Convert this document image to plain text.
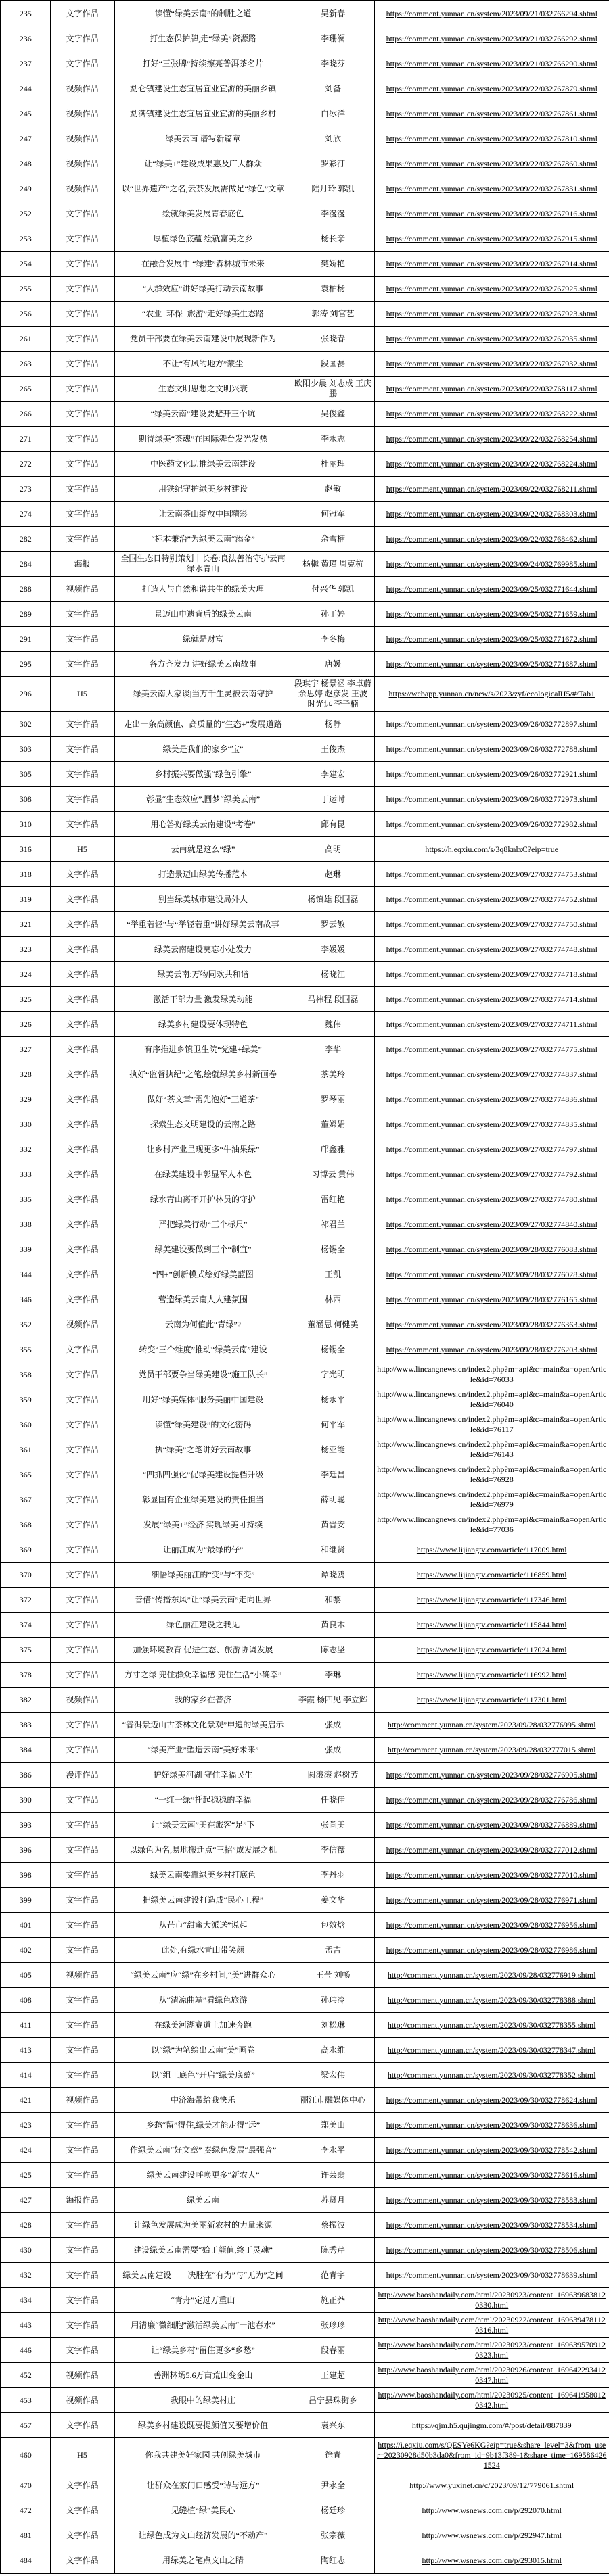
235	文字作品	读懂“绿美云南”的制胜之道	吴新春	https://comment.yunnan.cn/system/2023/09/21/032766294.shtml
236	文字作品	打生态保护牌,走“绿美”资源路	李珊澜	https://comment.yunnan.cn/system/2023/09/21/032766292.shtml
237	文字作品	打好“三张牌”持续擦亮普洱茶名片	李晓芬	https://comment.yunnan.cn/system/2023/09/21/032766290.shtml
244	视频作品	勐仑镇建设生态宜居宜业宜游的美丽乡镇	刘备	https://comment.yunnan.cn/system/2023/09/22/032767879.shtml
245	视频作品	勐满镇建设生态宜居宜业宜游的美丽乡村	白冰洋	https://comment.yunnan.cn/system/2023/09/22/032767861.shtml
247	视频作品	绿美云南 谱写新篇章	刘欣	https://comment.yunnan.cn/system/2023/09/22/032767810.shtml
248	视频作品	让“绿美+”建设成果惠及广大群众	罗彩汀	https://comment.yunnan.cn/system/2023/09/22/032767860.shtml
249	视频作品	以“世界遗产”之名,云茶发展需做足“绿色”文章	陆月玲 郭凯	https://comment.yunnan.cn/system/2023/09/22/032767831.shtml
252	文字作品	绘就绿美发展青春底色	李漫漫	https://comment.yunnan.cn/system/2023/09/22/032767916.shtml
253	文字作品	厚植绿色底蕴 绘就富美之乡	杨长亲	https://comment.yunnan.cn/system/2023/09/22/032767915.shtml
254	文字作品	在融合发展中 “绿建”森林城市未来	樊娇艳	https://comment.yunnan.cn/system/2023/09/22/032767914.shtml
255	文字作品	“人群效应”讲好绿美行动云南故事	袁柏杨	https://comment.yunnan.cn/system/2023/09/22/032767925.shtml
256	文字作品	“农业+环保+旅游”走好绿美生态路	郭涛 刘官艺	https://comment.yunnan.cn/system/2023/09/22/032767923.shtml
261	文字作品	党员干部要在绿美云南建设中展现新作为	张晓春	https://comment.yunnan.cn/system/2023/09/22/032767935.shtml
263	文字作品	不让“有风的地方”蒙尘	段国磊	https://comment.yunnan.cn/system/2023/09/22/032767932.shtml
265	文字作品	生态文明思想之文明兴衰	欧阳少晨 刘志成 王庆鹏	https://comment.yunnan.cn/system/2023/09/22/032768117.shtml
266	文字作品	“绿美云南”建设要避开三个坑	吴俊鑫	https://comment.yunnan.cn/system/2023/09/22/032768222.shtml
271	文字作品	期待绿美“茶魂”在国际舞台发光发热	李永志	https://comment.yunnan.cn/system/2023/09/22/032768254.shtml
272	文字作品	中医药文化助推绿美云南建设	杜丽理	https://comment.yunnan.cn/system/2023/09/22/032768224.shtml
273	文字作品	用铁纪守护绿美乡村建设	赵敏	https://comment.yunnan.cn/system/2023/09/22/032768211.shtml
274	文字作品	让云南茶山绽放中国精彩	何冠军	https://comment.yunnan.cn/system/2023/09/22/032768303.shtml
282	文字作品	“标本兼治”为绿美云南“添金”	余雪楠	https://comment.yunnan.cn/system/2023/09/22/032768462.shtml
284	海报	全国生态日特别策划丨长卷:良法善治守护云南绿水青山	杨樾 黄瑾 周克杭	https://comment.yunnan.cn/system/2023/09/24/032769985.shtml
288	视频作品	打造人与自然和谐共生的绿美大理	付兴华 郭凯	https://comment.yunnan.cn/system/2023/09/25/032771644.shtml
289	文字作品	景迈山申遗背后的绿美云南	孙于婷	https://comment.yunnan.cn/system/2023/09/25/032771659.shtml
291	文字作品	绿就是财富	李冬梅	https://comment.yunnan.cn/system/2023/09/25/032771672.shtml
295	文字作品	各方齐发力 讲好绿美云南故事	唐媛	https://comment.yunnan.cn/system/2023/09/25/032771687.shtml
296	H5	绿美云南大家谈|当万千生灵被云南守护	段琪宇 杨景涵 李卓蔚 余思婷 赵彦发 王波 时光远 李子楠	https://webapp.yunnan.cn/new/s/2023/zyf/ecologicalH5/#/Tab1
302	文字作品	走出一条高颜值、高质量的“生态+”发展道路	杨静	https://comment.yunnan.cn/system/2023/09/26/032772897.shtml
303	文字作品	绿美是我们的家乡“宝”	王俊杰	https://comment.yunnan.cn/system/2023/09/26/032772788.shtml
305	文字作品	乡村振兴要做强“绿色引擎”	李建宏	https://comment.yunnan.cn/system/2023/09/26/032772921.shtml
308	文字作品	彰显“生态效应”,圆梦“绿美云南”	丁运时	https://comment.yunnan.cn/system/2023/09/26/032772973.shtml
310	文字作品	用心答好绿美云南建设“考卷”	邱有昆	https://comment.yunnan.cn/system/2023/09/26/032772982.shtml
316	H5	云南就是这么“绿”	高明	https://h.eqxiu.com/s/3q8knlxC?eip=true
318	文字作品	打造景迈山绿美传播范本	赵琳	https://comment.yunnan.cn/system/2023/09/27/032774753.shtml
319	文字作品	别当绿美城市建设局外人	杨镇雄 段国磊	https://comment.yunnan.cn/system/2023/09/27/032774752.shtml
321	文字作品	“举重若轻”与“举轻若重”讲好绿美云南故事	罗云敏	https://comment.yunnan.cn/system/2023/09/27/032774750.shtml
323	文字作品	绿美云南建设莫忘小处发力	李媛媛	https://comment.yunnan.cn/system/2023/09/27/032774748.shtml
324	文字作品	绿美云南:万物同欢共和谐	杨晓江	https://comment.yunnan.cn/system/2023/09/27/032774718.shtml
325	文字作品	激活干部力量 激发绿美动能	马祎程 段国磊	https://comment.yunnan.cn/system/2023/09/27/032774714.shtml
326	文字作品	绿美乡村建设要体现特色	魏伟	https://comment.yunnan.cn/system/2023/09/27/032774711.shtml
327	文字作品	有序推进乡镇卫生院“党建+绿美”	李华	https://comment.yunnan.cn/system/2023/09/27/032774775.shtml
328	文字作品	执好“监督执纪”之笔,绘就绿美乡村新画卷	茶美玲	https://comment.yunnan.cn/system/2023/09/27/032774837.shtml
329	文字作品	做好“茶文章”需先泡好“三道茶”	罗琴丽	https://comment.yunnan.cn/system/2023/09/27/032774836.shtml
330	文字作品	探索生态文明建设的云南之路	董嫦娟	https://comment.yunnan.cn/system/2023/09/27/032774835.shtml
332	文字作品	让乡村产业呈现更多“牛油果绿”	邝鑫雅	https://comment.yunnan.cn/system/2023/09/27/032774797.shtml
333	文字作品	在绿美建设中彰显军人本色	习博云 黄伟	https://comment.yunnan.cn/system/2023/09/27/032774792.shtml
335	文字作品	绿水青山离不开护林员的守护	雷红艳	https://comment.yunnan.cn/system/2023/09/27/032774780.shtml
338	文字作品	严把绿美行动“三个标尺”	祁君兰	https://comment.yunnan.cn/system/2023/09/27/032774840.shtml
339	文字作品	绿美建设要做到三个“制宜”	杨锡全	https://comment.yunnan.cn/system/2023/09/28/032776083.shtml
344	文字作品	“四+”创新模式绘好绿美蓝图	王凯	https://comment.yunnan.cn/system/2023/09/28/032776028.shtml
346	文字作品	营造绿美云南人人建氛围	林西	https://comment.yunnan.cn/system/2023/09/28/032776165.shtml
352	视频作品	云南为何值此“青绿”?	董涵思 何健美	https://comment.yunnan.cn/system/2023/09/28/032776363.shtml
355	文字作品	转变“三个维度”推动“绿美云南”建设	杨锡全	https://comment.yunnan.cn/system/2023/09/28/032776203.shtml
358	文字作品	党员干部要争当绿美建设“施工队长”	字光明	http://www.lincangnews.cn/index2.php?m=api&c=main&a=openArticle&id=76033
359	文字作品	用好“绿美媒体”服务美丽中国建设	杨永平	http://www.lincangnews.cn/index2.php?m=api&c=main&a=openArticle&id=76040
360	文字作品	读懂“绿美建设”的文化密码	何平军	http://www.lincangnews.cn/index2.php?m=api&c=main&a=openArticle&id=76117
361	文字作品	执“绿美”之笔讲好云南故事	杨亚能	http://www.lincangnews.cn/index2.php?m=api&c=main&a=openArticle&id=76143
365	文字作品	“四抓四强化”促绿美建设提档升级	李廷昌	http://www.lincangnews.cn/index2.php?m=api&c=main&a=openArticle&id=76928
367	文字作品	彰显国有企业绿美建设的责任担当	薛明聪	http://www.lincangnews.cn/index2.php?m=api&c=main&a=openArticle&id=76979
368	文字作品	发展“绿美+”经济 实现绿美可持续	黄晋安	http://www.lincangnews.cn/index2.php?m=api&c=main&a=openArticle&id=77036
369	文字作品	让丽江成为“最绿的仔”	和继贤	https://www.lijiangtv.com/article/117009.html
370	文字作品	细悟绿美丽江的“变”与“不变”	谭晓鸥	https://www.lijiangtv.com/article/116859.html
372	文字作品	善借“传播东风”让“绿美云南”走向世界	和黎	https://www.lijiangtv.com/article/117346.html
374	文字作品	绿色丽江建设之我见	黄良木	https://www.lijiangtv.com/article/115844.html
375	文字作品	加强环境教育 促进生态、旅游协调发展	陈志坚	https://www.lijiangtv.com/article/117024.html
378	文字作品	方寸之绿 兜住群众幸福感 兜住生活“小确幸”	李琳	https://www.lijiangtv.com/article/116992.html
382	视频作品	我的家乡在普济	李霞 杨四见 李立辉	https://www.lijiangtv.com/article/117301.html
383	文字作品	“普洱景迈山古茶林文化景观”申遗的绿美启示	张成	http://comment.yunnan.cn/system/2023/09/28/032776995.shtml
384	文字作品	“绿美产业”塑造云南“美好未来”	张成	http://comment.yunnan.cn/system/2023/09/28/032777015.shtml
386	漫评作品	护好绿美河湖 守住幸福民生	圆滚滚 赵树芳	https://comment.yunnan.cn/system/2023/09/28/032776905.shtml
390	文字作品	“一红一绿”托起稳稳的幸福	任晓佳	https://comment.yunnan.cn/system/2023/09/28/032776786.shtml
393	文字作品	让“绿美云南”美在旅客“足”下	张尚美	https://comment.yunnan.cn/system/2023/09/28/032776889.shtml
396	文字作品	以绿色为名,易地搬迁点“三招”成发展之机	李信薇	https://comment.yunnan.cn/system/2023/09/28/032777012.shtml
398	文字作品	绿美云南要靠绿美乡村打底色	李丹羽	https://comment.yunnan.cn/system/2023/09/28/032777010.shtml
399	文字作品	把绿美云南建设打造成“民心工程”	姜文华	https://comment.yunnan.cn/system/2023/09/28/032776971.shtml
401	文字作品	从芒市“甜蜜大派送”说起	包效焓	https://comment.yunnan.cn/system/2023/09/28/032776956.shtml
402	文字作品	此处,有绿水青山带笑颜	孟吉	https://comment.yunnan.cn/system/2023/09/28/032776986.shtml
405	视频作品	“绿美云南”应“绿”在乡村间,“美”进群众心	王莹 刘畅	http://comment.yunnan.cn/system/2023/09/28/032776919.shtml
408	文字作品	从“清凉曲靖”看绿色旅游	孙玮冷	http://comment.yunnan.cn/system/2023/09/30/032778388.shtml
411	文字作品	在绿美河湖赛道上加速奔跑	刘松琳	http://comment.yunnan.cn/system/2023/09/30/032778355.shtml
413	文字作品	以“绿”为笔绘出云南“美”画卷	高永维	http://comment.yunnan.cn/system/2023/09/30/032778347.shtml
414	文字作品	以“组工底色”开启“绿美底蕴”	梁宏伟	http://comment.yunnan.cn/system/2023/09/30/032778352.shtml
421	视频作品	中济海带给我快乐	丽江市融媒体中心	https://comment.yunnan.cn/system/2023/09/30/032778624.shtml
423	文字作品	乡愁“留”得住,绿美才能走得“远”	郑美山	https://comment.yunnan.cn/system/2023/09/30/032778636.shtml
424	文字作品	作绿美云南“好文章” 奏绿色发展“最强音”	李永平	https://comment.yunnan.cn/system/2023/09/30/032778542.shtml
425	文字作品	绿美云南建设呼唤更多“新农人”	许芸翡	https://comment.yunnan.cn/system/2023/09/30/032778616.shtml
427	海报作品	绿美云南	苏贤月	https://comment.yunnan.cn/system/2023/09/30/032778583.shtml
428	文字作品	让绿色发展成为美丽新农村的力量来源	蔡振波	https://comment.yunnan.cn/system/2023/09/30/032778534.shtml
430	文字作品	建设绿美云南需要“始于颜值,终于灵魂”	陈秀芹	https://comment.yunnan.cn/system/2023/09/30/032778506.shtml
432	文字作品	绿美云南建设——决胜在“有为”与“无为”之间	范青宇	https://comment.yunnan.cn/system/2023/09/30/032778639.shtml
434	文字作品	“青舟”定过万重山	施正莽	http://www.baoshandaily.com/html/20230923/content_1696396838120330.html
443	文字作品	用清廉“微细胞”激活绿美云南“一池春水”	张珍珍	http://www.baoshandaily.com/html/20230922/content_1696394781120316.html
446	文字作品	让“绿美乡村”留住更多“乡愁”	段春丽	http://www.baoshandaily.com/html/20230923/content_1696395709120323.html
452	视频作品	善洲林场5.6万亩荒山变金山	王建超	http://www.baoshandaily.com/html/20230926/content_1696422934120347.html
453	视频作品	我眼中的绿美村庄	昌宁县珠街乡	http://www.baoshandaily.com/html/20230925/content_1696419580120342.html
457	文字作品	绿美乡村建设既要提颜值又要增价值	袁兴东	https://qjm.h5.qujingm.com/#/post/detail/887839
460	H5	你我共建美好家园 共创绿美城市	徐青	https://i.eqxiu.com/s/QESYe6KG?eip=true&share_level=3&from_user=20230928d50b3da0&from_id=9b13f389-1&share_time=1695864261524
470	文字作品	让群众在家门口感受“诗与远方”	尹永全	http://www.yuxinet.cn/c/2023/09/12/779061.shtml
472	文字作品	见缝植“绿”美民心	杨廷珍	http://www.wsnews.com.cn/p/292070.html
481	文字作品	让绿色成为文山经济发展的“不动产”	张宗薇	http://www.wsnews.com.cn/p/292947.html
484	文字作品	用绿美之笔点文山之睛	陶红志	http://www.wsnews.com.cn/p/293015.html
